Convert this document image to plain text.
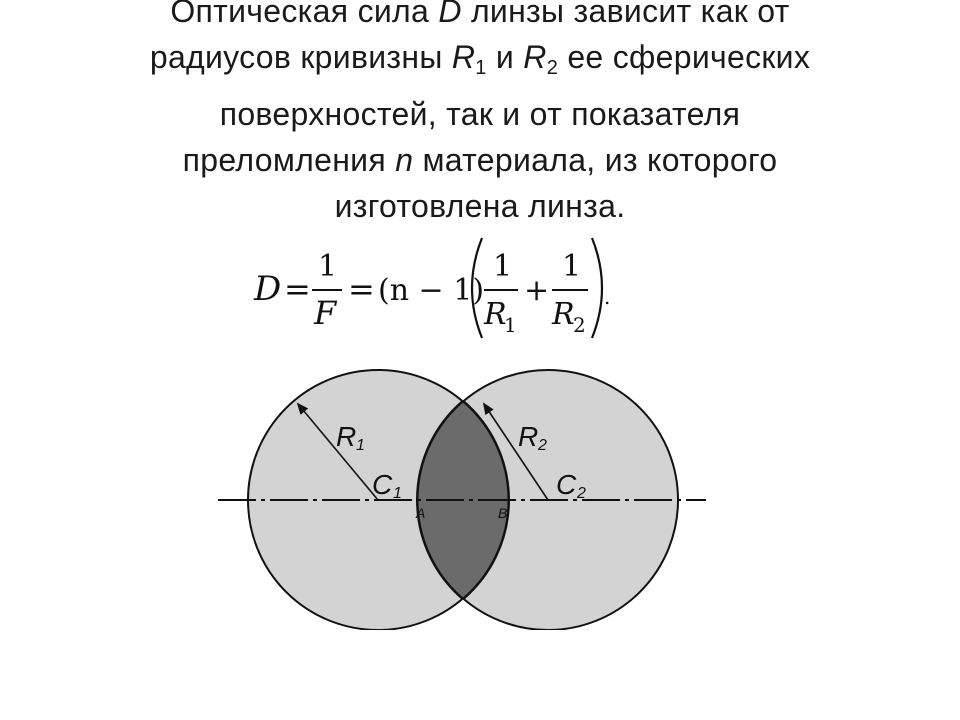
Оптическая сила D линзы зависит как от
радиусов кривизны $R_1$ и $R_2$ ее сферических
поверхностей, так и от показателя
преломления n материала, из которого
изготовлена линза.
D =
1
F
= (n − 1)
1
R
1
+
1
R
2
.
R 1	R 2
C 1	C 2
A	B
